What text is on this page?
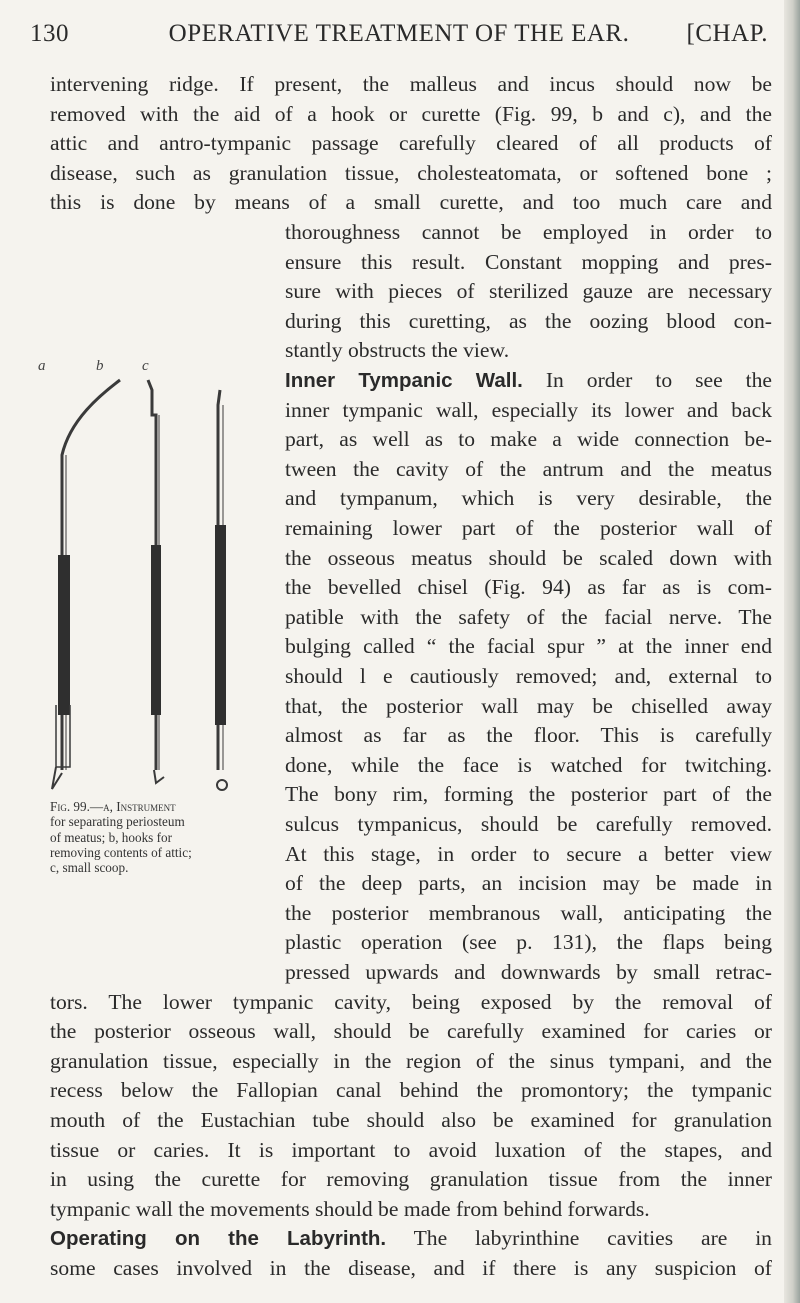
130	OPERATIVE TREATMENT OF THE EAR.	[CHAP.

intervening ridge. If present, the malleus and incus should now be

removed with the aid of a hook or curette (Fig. 99, b and c), and the

attic and antro-tympanic passage carefully cleared of all products of

disease, such as granulation tissue, cholesteatomata, or softened bone ;

this is done by means of a small curette, and too much care and

a	b	c
Fig. 99.—a, Instrument
for separating periosteum
of meatus; b, hooks for
removing contents of attic;
c, small scoop.

thoroughness cannot be employed in order to

ensure this result. Constant mopping and pres-

sure with pieces of sterilized gauze are necessary

during this curetting, as the oozing blood con-

stantly obstructs the view.

Inner Tympanic Wall. In order to see the

inner tympanic wall, especially its lower and back

part, as well as to make a wide connection be-

tween the cavity of the antrum and the meatus

and tympanum, which is very desirable, the

remaining lower part of the posterior wall of

the osseous meatus should be scaled down with

the bevelled chisel (Fig. 94) as far as is com-

patible with the safety of the facial nerve. The

bulging called “ the facial spur ” at the inner end

should l e cautiously removed; and, external to

that, the posterior wall may be chiselled away

almost as far as the floor. This is carefully

done, while the face is watched for twitching.

The bony rim, forming the posterior part of the

sulcus tympanicus, should be carefully removed.

At this stage, in order to secure a better view

of the deep parts, an incision may be made in

the posterior membranous wall, anticipating the

plastic operation (see p. 131), the flaps being

pressed upwards and downwards by small retrac-

tors. The lower tympanic cavity, being exposed by the removal of

the posterior osseous wall, should be carefully examined for caries or

granulation tissue, especially in the region of the sinus tympani, and the

recess below the Fallopian canal behind the promontory; the tympanic

mouth of the Eustachian tube should also be examined for granulation

tissue or caries. It is important to avoid luxation of the stapes, and

in using the curette for removing granulation tissue from the inner

tympanic wall the movements should be made from behind forwards.

Operating on the Labyrinth. The labyrinthine cavities are in

some cases involved in the disease, and if there is any suspicion of
